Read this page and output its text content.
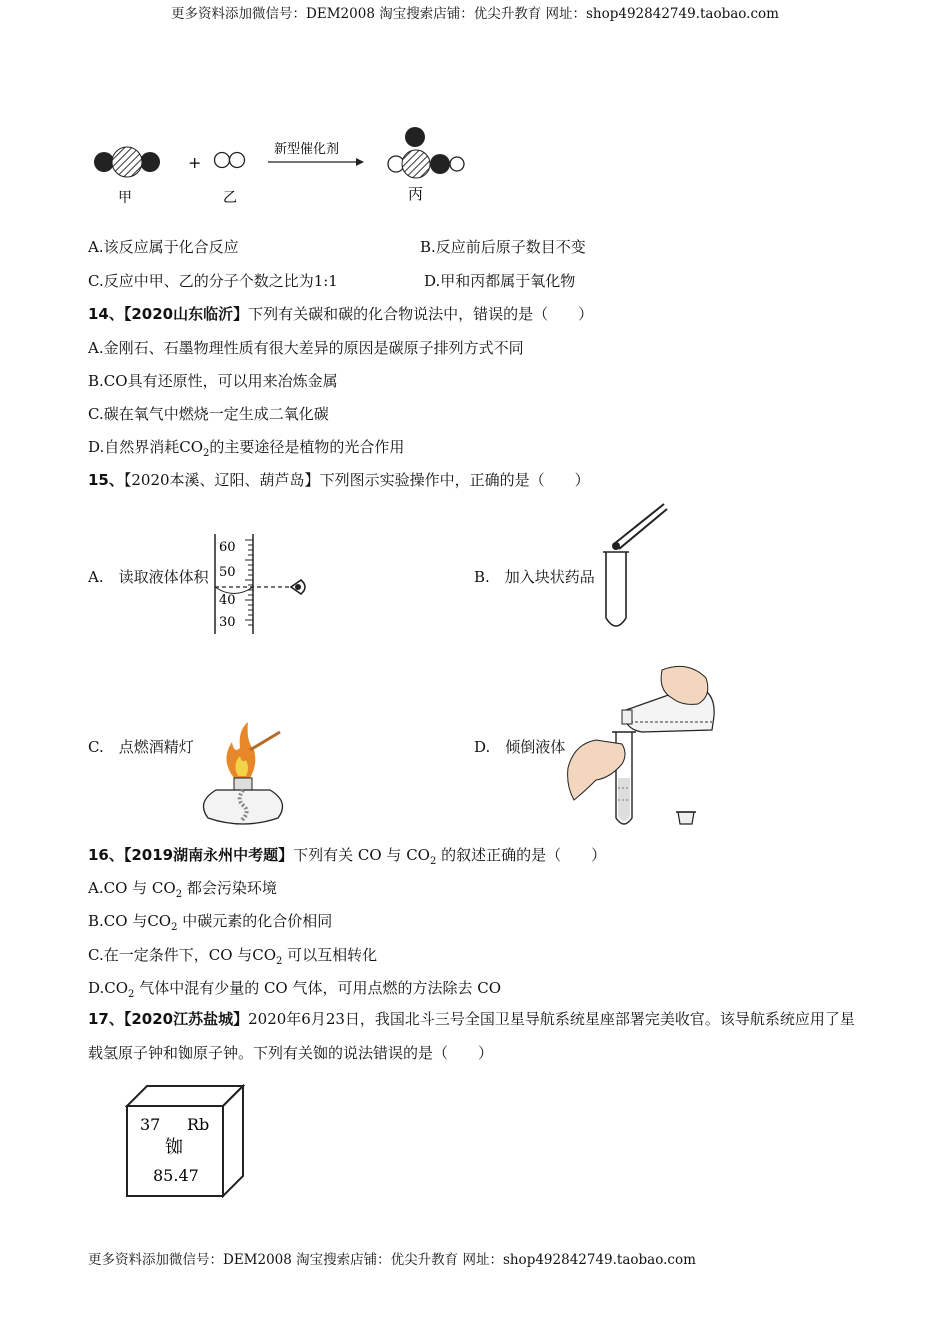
更多资料添加微信号：DEM2008 淘宝搜索店铺：优尖升教育 网址：shop492842749.taobao.com
+
新型催化剂
甲	乙	丙
A.该反应属于化合反应	B.反应前后原子数目不变
C.反应中甲、乙的分子个数之比为1:1	D.甲和丙都属于氧化物
14、【2020山东临沂】下列有关碳和碳的化合物说法中，错误的是（　　）
A.金刚石、石墨物理性质有很大差异的原因是碳原子排列方式不同
B.CO具有还原性，可以用来冶炼金属
C.碳在氧气中燃烧一定生成二氧化碳
D.自然界消耗$CO_2$的主要途径是植物的光合作用
15、【2020本溪、辽阳、葫芦岛】下列图示实验操作中，正确的是（　　）
A.　读取液体体积
60
50
40
30
B.　加入块状药品
C.　点燃酒精灯	D.　倾倒液体
16、【2019湖南永州中考题】下列有关 CO 与 $CO_2$ 的叙述正确的是（　　）
A.CO 与 $CO_2$ 都会污染环境
B.CO 与$CO_2$ 中碳元素的化合价相同
C.在一定条件下，CO 与$CO_2$ 可以互相转化
$D.CO_2$ 气体中混有少量的 CO 气体，可用点燃的方法除去 CO
17、【2020江苏盐城】2020年6月23日，我国北斗三号全国卫星导航系统星座部署完美收官。该导航系统应用了星载氢原子钟和铷原子钟。下列有关铷的说法错误的是（　　）
37 Rb
铷
85.47
更多资料添加微信号：DEM2008 淘宝搜索店铺：优尖升教育 网址：shop492842749.taobao.com
